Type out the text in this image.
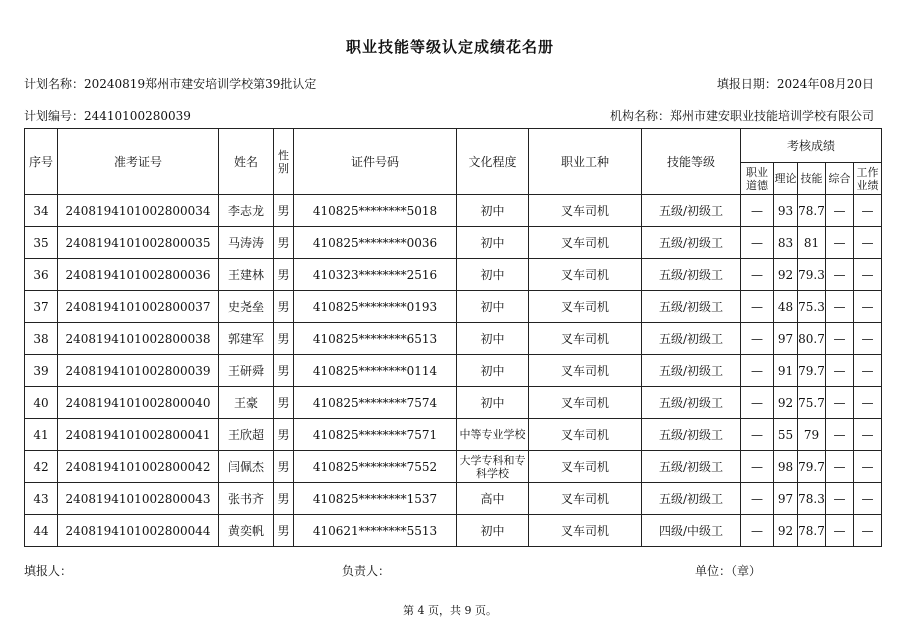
职业技能等级认定成绩花名册
计划名称：20240819郑州市建安培训学校第39批认定	填报日期：2024年08月20日
计划编号：24410100280039	机构名称：郑州市建安职业技能培训学校有限公司
序号	准考证号	姓名	性别	证件号码	文化程度	职业工种	技能等级	考核成绩				
								职业道德	理论	技能	综合	工作业绩
34	2408194101002800034	李志龙	男	410825********5018	初中	叉车司机	五级/初级工	—	93	78.7	—	—
35	2408194101002800035	马涛涛	男	410825********0036	初中	叉车司机	五级/初级工	—	83	81	—	—
36	2408194101002800036	王建林	男	410323********2516	初中	叉车司机	五级/初级工	—	92	79.3	—	—
37	2408194101002800037	史尧垒	男	410825********0193	初中	叉车司机	五级/初级工	—	48	75.3	—	—
38	2408194101002800038	郭建军	男	410825********6513	初中	叉车司机	五级/初级工	—	97	80.7	—	—
39	2408194101002800039	王研舜	男	410825********0114	初中	叉车司机	五级/初级工	—	91	79.7	—	—
40	2408194101002800040	王豪	男	410825********7574	初中	叉车司机	五级/初级工	—	92	75.7	—	—
41	2408194101002800041	王欣超	男	410825********7571	中等专业学校	叉车司机	五级/初级工	—	55	79	—	—
42	2408194101002800042	闫佩杰	男	410825********7552	大学专科和专科学校	叉车司机	五级/初级工	—	98	79.7	—	—
43	2408194101002800043	张书齐	男	410825********1537	高中	叉车司机	五级/初级工	—	97	78.3	—	—
44	2408194101002800044	黄奕帆	男	410621********5513	初中	叉车司机	四级/中级工	—	92	78.7	—	—
填报人：	负责人：	单位：（章）
第 4 页，共 9 页。
